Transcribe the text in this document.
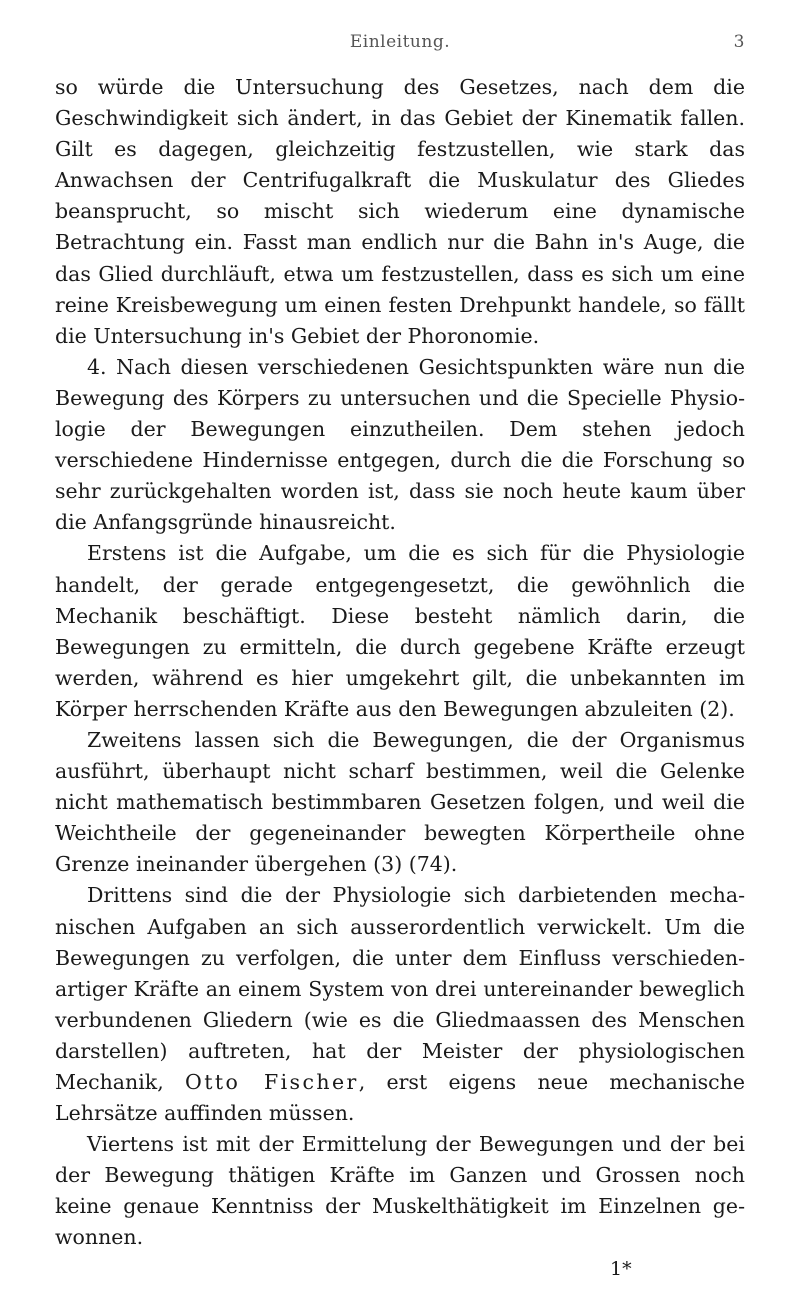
Einleitung.	3

so würde die Untersuchung des Gesetzes, nach dem die Geschwindigkeit sich ändert, in das Gebiet der Kinematik fallen. Gilt es dagegen, gleichzeitig festzustellen, wie stark das Anwachsen der Centrifugalkraft die Muskulatur des Gliedes beansprucht, so mischt sich wiederum eine dynamische Betrachtung ein. Fasst man endlich nur die Bahn in's Auge, die das Glied durchläuft, etwa um festzustellen, dass es sich um eine reine Kreisbewegung um einen festen Drehpunkt handele, so fällt die Untersuchung in's Gebiet der Phoronomie.

4. Nach diesen verschiedenen Gesichtspunkten wäre nun die Bewegung des Körpers zu untersuchen und die Specielle Physiologie der Bewegungen einzutheilen. Dem stehen jedoch verschiedene Hindernisse entgegen, durch die die Forschung so sehr zurückgehalten worden ist, dass sie noch heute kaum über die Anfangsgründe hinausreicht.

Erstens ist die Aufgabe, um die es sich für die Physiologie handelt, der gerade entgegengesetzt, die gewöhnlich die Mechanik beschäftigt. Diese besteht nämlich darin, die Bewegungen zu ermitteln, die durch gegebene Kräfte erzeugt werden, während es hier umgekehrt gilt, die unbekannten im Körper herrschenden Kräfte aus den Bewegungen abzuleiten (2).

Zweitens lassen sich die Bewegungen, die der Organismus ausführt, überhaupt nicht scharf bestimmen, weil die Gelenke nicht mathematisch bestimmbaren Gesetzen folgen, und weil die Weichtheile der gegeneinander bewegten Körpertheile ohne Grenze ineinander übergehen (3) (74).

Drittens sind die der Physiologie sich darbietenden mechanischen Aufgaben an sich ausserordentlich verwickelt. Um die Bewegungen zu verfolgen, die unter dem Einfluss verschiedenartiger Kräfte an einem System von drei untereinander beweglich verbundenen Gliedern (wie es die Gliedmaassen des Menschen darstellen) auftreten, hat der Meister der physiologischen Mechanik, Otto Fischer, erst eigens neue mechanische Lehrsätze auffinden müssen.

Viertens ist mit der Ermittelung der Bewegungen und der bei der Bewegung thätigen Kräfte im Ganzen und Grossen noch keine genaue Kenntniss der Muskelthätigkeit im Einzelnen gewonnen.

1*
